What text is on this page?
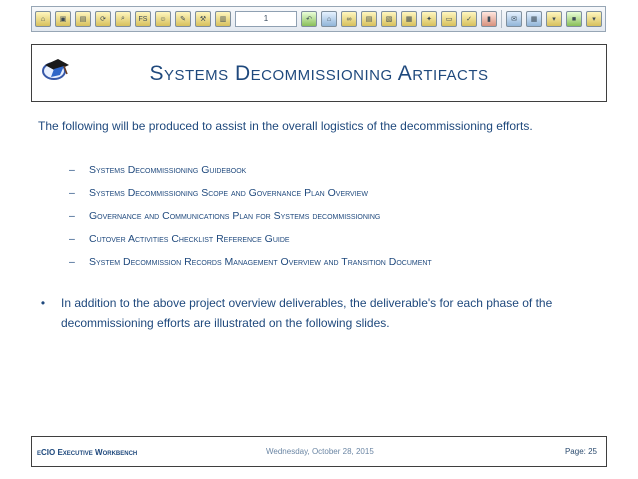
⌂	▣	▤	⟳	⌕	FS	☺	✎	⚒	▥	1	↶	⌂	∞	▤	▧	▦	✦	▭	✓	▮	✉	▦	▾	■	▾
Systems Decommissioning Artifacts
The following will be produced to assist in the overall logistics of the decommissioning efforts.
–	Systems Decommissioning Guidebook
–	Systems Decommissioning Scope and Governance Plan Overview
–	Governance and Communications Plan for Systems decommissioning
–	Cutover Activities Checklist Reference Guide
–	System Decommission Records Management Overview and Transition Document
• In addition to the above project overview deliverables, the deliverable's for each phase of the decommissioning efforts are illustrated on the following slides.
eCIO Executive Workbench	Wednesday, October 28, 2015	Page: 25
